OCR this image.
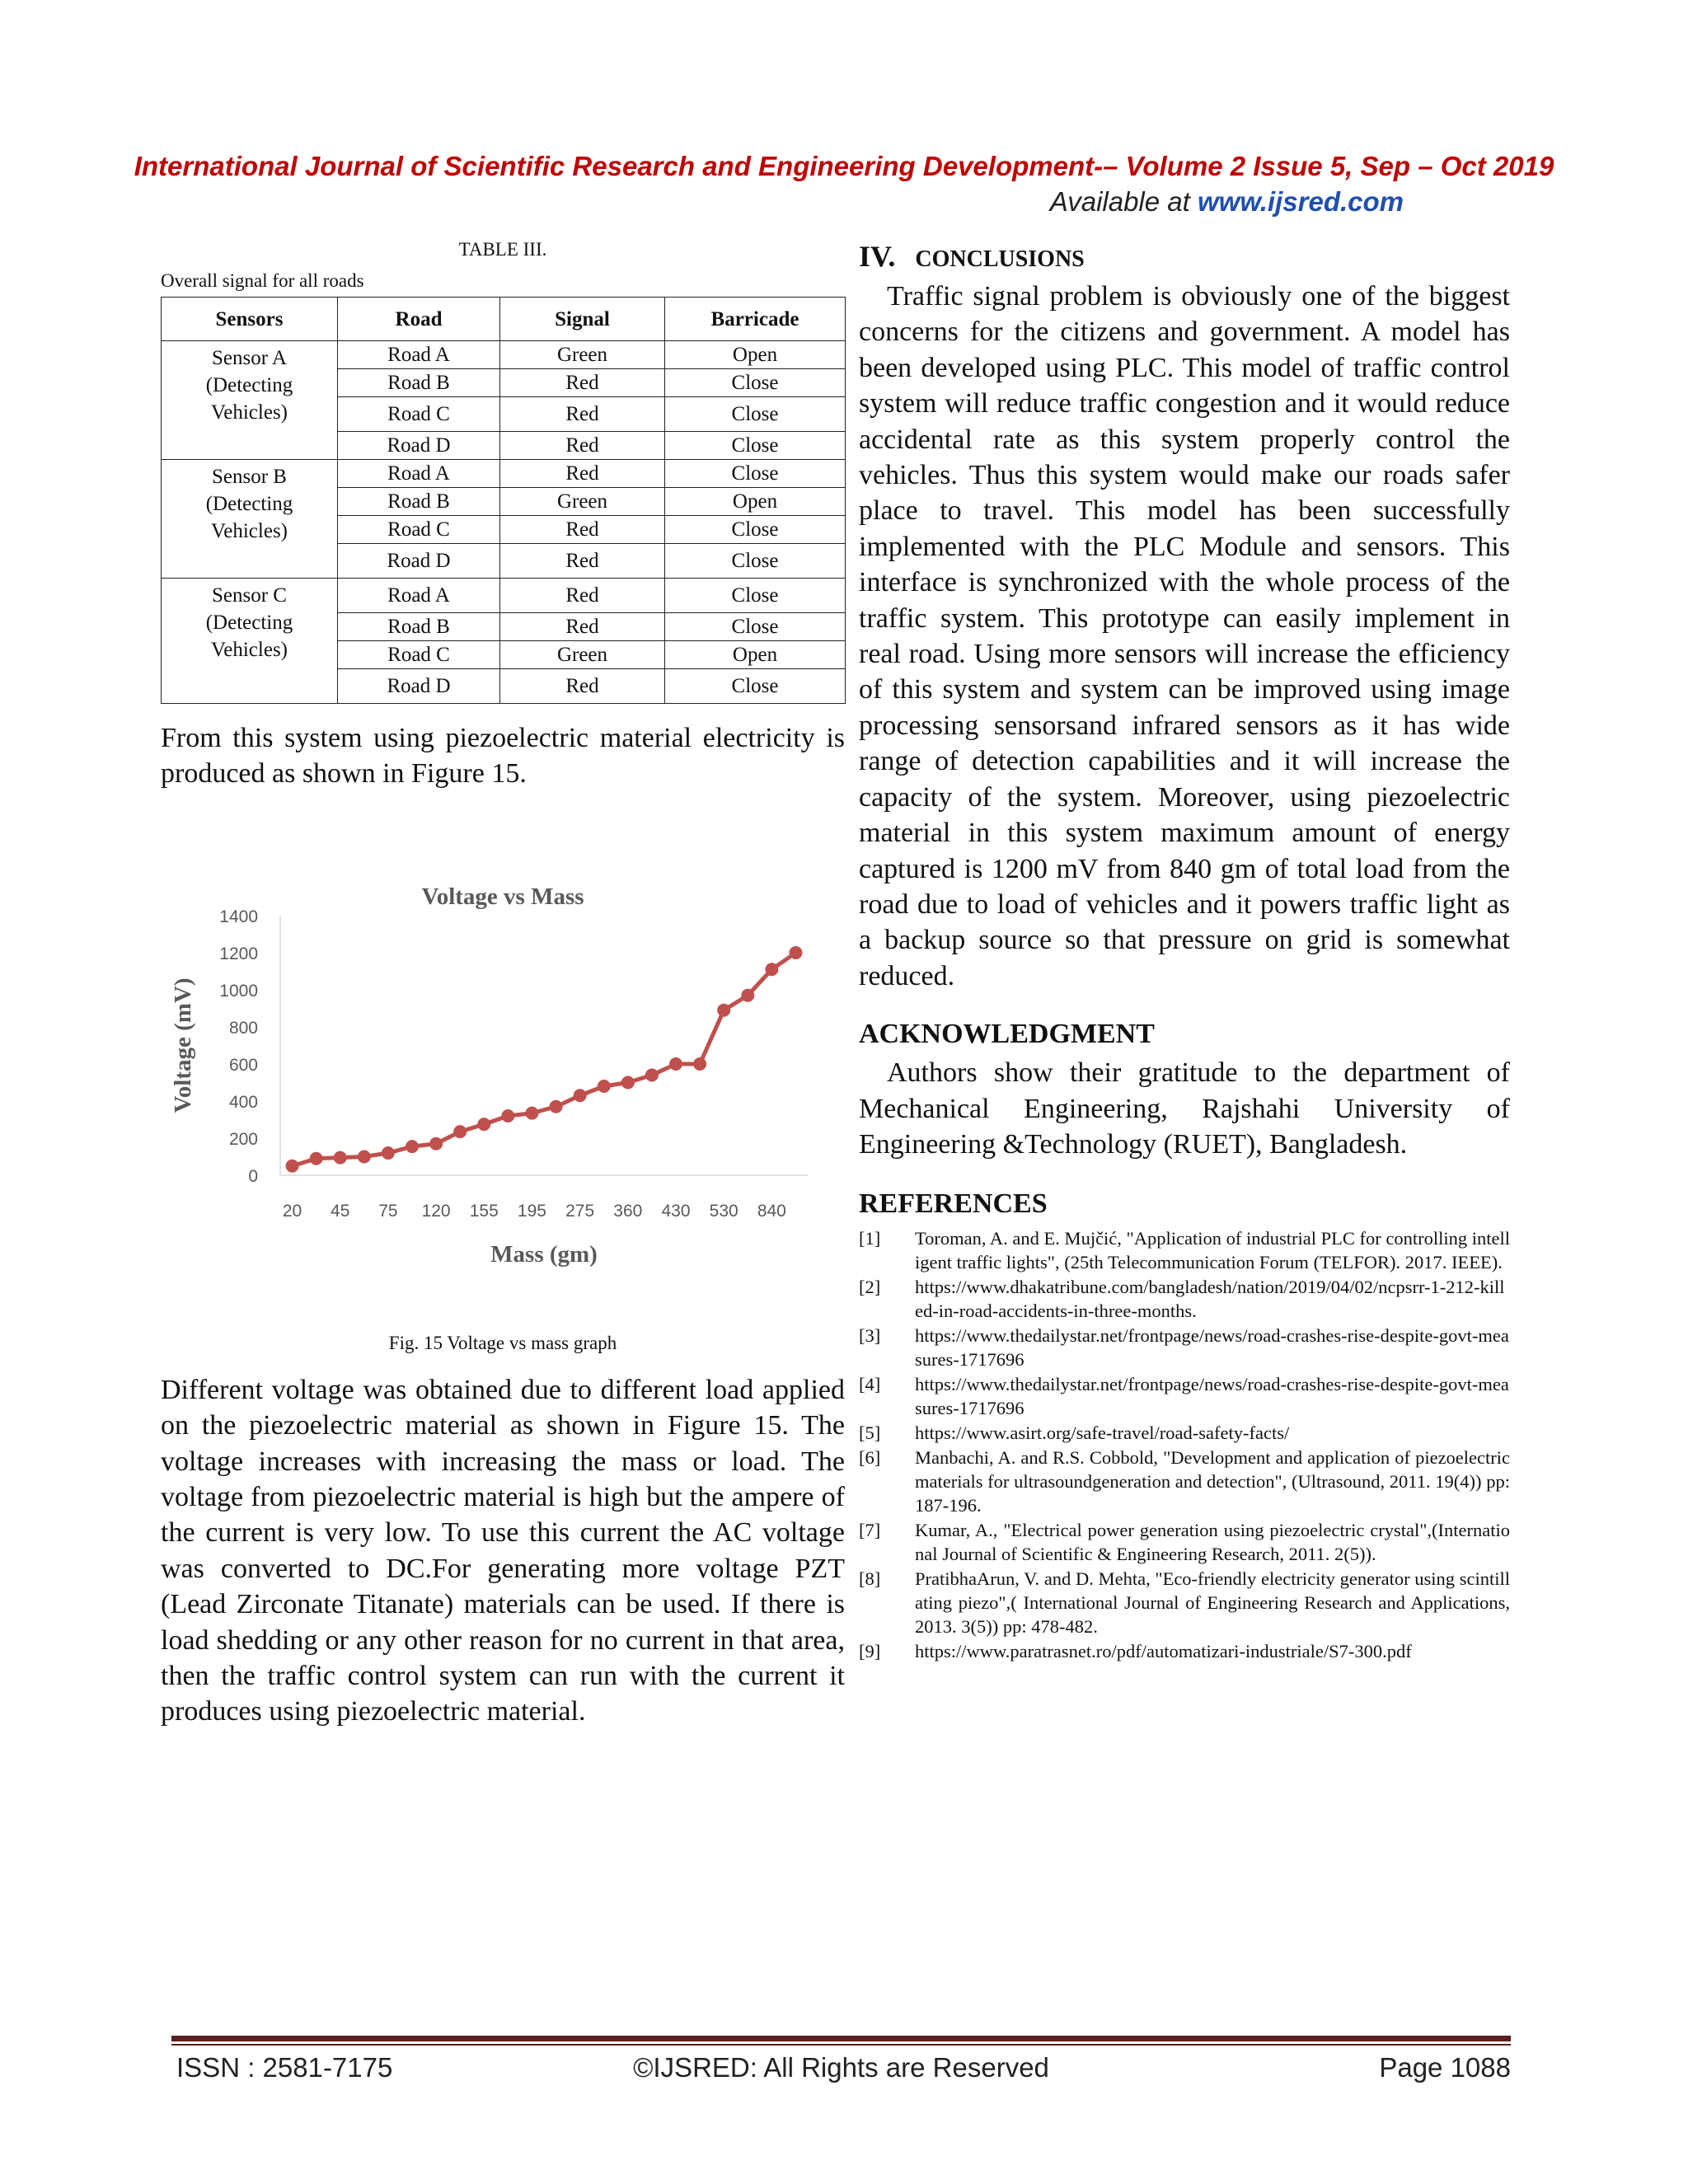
International Journal of Scientific Research and Engineering Development-– Volume 2 Issue 5, Sep – Oct 2019
Available at www.ijsred.com
TABLE III.
Overall signal for all roads
Sensors	Road	Signal	Barricade

Sensor A
(Detecting Vehicles)	Road A	Green	Open
	Road B	Red	Close
	Road C	Red	Close
	Road D	Red	Close

Sensor B
(Detecting Vehicles)	Road A	Red	Close
	Road B	Green	Open
	Road C	Red	Close
	Road D	Red	Close

Sensor C
(Detecting Vehicles)	Road A	Red	Close
	Road B	Red	Close
	Road C	Green	Open
	Road D	Red	Close

From this system using piezoelectric material electricity is produced as shown in Figure 15.

Voltage vs Mass
Voltage (mV)
Mass (gm)
0
200
400
600
800
1000
1200
1400
20 45 75 120 155 195 275 360 430 530 840
Fig. 15 Voltage vs mass graph

Different voltage was obtained due to different load applied on the piezoelectric material as shown in Figure 15. The voltage increases with increasing the mass or load. The voltage from piezoelectric material is high but the ampere of the current is very low. To use this current the AC voltage was converted to DC.For generating more voltage PZT (Lead Zirconate Titanate) materials can be used. If there is load shedding or any other reason for no current in that area, then the traffic control system can run with the current it produces using piezoelectric material.

IV. CONCLUSIONS

Traffic signal problem is obviously one of the biggest concerns for the citizens and government. A model has been developed using PLC. This model of traffic control system will reduce traffic congestion and it would reduce accidental rate as this system properly control the vehicles. Thus this system would make our roads safer place to travel. This model has been successfully implemented with the PLC Module and sensors. This interface is synchronized with the whole process of the traffic system. This prototype can easily implement in real road. Using more sensors will increase the efficiency of this system and system can be improved using image processing sensorsand infrared sensors as it has wide range of detection capabilities and it will increase the capacity of the system. Moreover, using piezoelectric material in this system maximum amount of energy captured is 1200 mV from 840 gm of total load from the road due to load of vehicles and it powers traffic light as a backup source so that pressure on grid is somewhat reduced.

ACKNOWLEDGMENT

Authors show their gratitude to the department of Mechanical Engineering, Rajshahi University of Engineering &Technology (RUET), Bangladesh.

REFERENCES
[1]	Toroman, A. and E. Mujčić, "Application of industrial PLC for controlling intelligent traffic lights", (25th Telecommunication Forum (TELFOR). 2017. IEEE).
[2]	https://www.dhakatribune.com/bangladesh/nation/2019/04/02/ncpsrr-1-212-killed-in-road-accidents-in-three-months.
[3]	https://www.thedailystar.net/frontpage/news/road-crashes-rise-despite-govt-measures-1717696
[4]	https://www.thedailystar.net/frontpage/news/road-crashes-rise-despite-govt-measures-1717696
[5]	https://www.asirt.org/safe-travel/road-safety-facts/
[6]	Manbachi, A. and R.S. Cobbold, "Development and application of piezoelectric materials for ultrasoundgeneration and detection", (Ultrasound, 2011. 19(4)) pp: 187-196.
[7]	Kumar, A., "Electrical power generation using piezoelectric crystal",(International Journal of Scientific & Engineering Research, 2011. 2(5)).
[8]	PratibhaArun, V. and D. Mehta, "Eco-friendly electricity generator using scintillating piezo",( International Journal of Engineering Research and Applications, 2013. 3(5)) pp: 478-482.
[9]	https://www.paratrasnet.ro/pdf/automatizari-industriale/S7-300.pdf
ISSN : 2581-7175	©IJSRED: All Rights are Reserved	Page 1088
